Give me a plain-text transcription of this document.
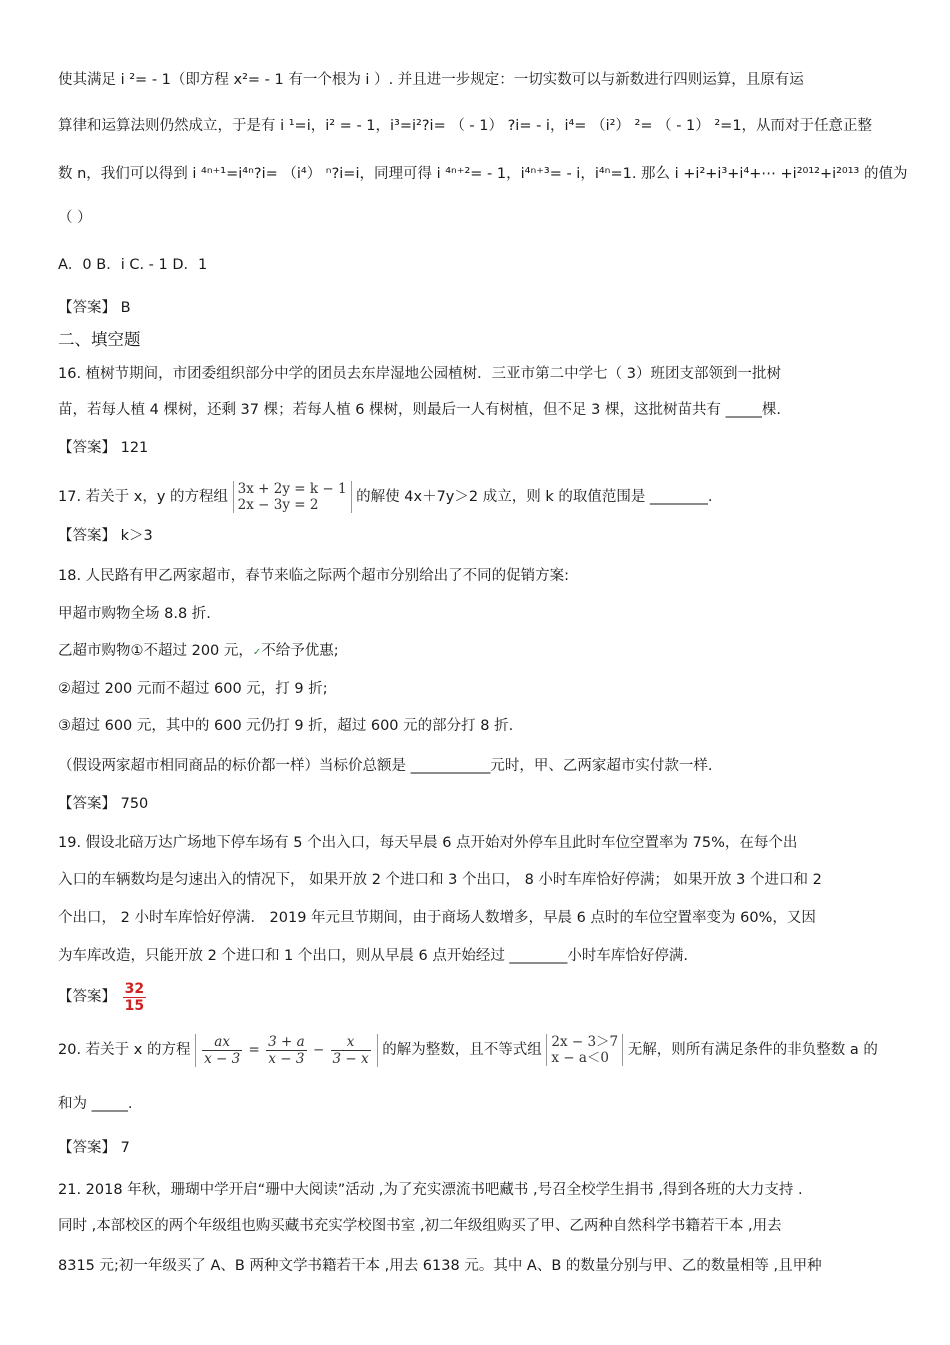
使其满足 i ²= - 1（即方程 x²= - 1 有一个根为 i ）. 并且进一步规定：一切实数可以与新数进行四则运算，且原有运
算律和运算法则仍然成立，于是有 i ¹=i，i² = - 1，i³=i²?i= （ - 1） ?i= - i，i⁴= （i²） ²= （ - 1） ²=1，从而对于任意正整
数 n，我们可以得到 i ⁴ⁿ⁺¹=i⁴ⁿ?i= （i⁴） ⁿ?i=i，同理可得 i ⁴ⁿ⁺²= - 1，i⁴ⁿ⁺³= - i，i⁴ⁿ=1. 那么 i +i²+i³+i⁴+⋯ +i²⁰¹²+i²⁰¹³ 的值为
（ ）
A．0 B．i C. - 1 D．1
【答案】 B
二、填空题
16. 植树节期间，市团委组织部分中学的团员去东岸湿地公园植树．三亚市第二中学七（ 3）班团支部领到一批树
苗，若每人植 4 棵树，还剩 37 棵；若每人植 6 棵树，则最后一人有树植，但不足 3 棵，这批树苗共有 _____棵.
【答案】 121
17. 若关于 x，y 的方程组 3x + 2y = k − 1
2x − 3y = 2	的解使 4x＋7y＞2 成立，则 k 的取值范围是 ________.
【答案】 k＞3
18. 人民路有甲乙两家超市，春节来临之际两个超市分别给出了不同的促销方案:
甲超市购物全场 8.8 折.
乙超市购物①不超过 200 元，✓不给予优惠;
②超过 200 元而不超过 600 元，打 9 折;
③超过 600 元，其中的 600 元仍打 9 折，超过 600 元的部分打 8 折.
（假设两家超市相同商品的标价都一样）当标价总额是 ___________元时，甲、乙两家超市实付款一样.
【答案】 750
19. 假设北碚万达广场地下停车场有 5 个出入口，每天早晨 6 点开始对外停车且此时车位空置率为 75%，在每个出
入口的车辆数均是匀速出入的情况下， 如果开放 2 个进口和 3 个出口， 8 小时车库恰好停满； 如果开放 3 个进口和 2
个出口， 2 小时车库恰好停满． 2019 年元旦节期间，由于商场人数增多，早晨 6 点时的车位空置率变为 60%，又因
为车库改造，只能开放 2 个进口和 1 个出口，则从早晨 6 点开始经过 ________小时车库恰好停满.
【答案】 $\frac{32}{15}$
20. 若关于 x 的方程 $\frac{ax}{x - 3} = \frac{3 + a}{x - 3} - \frac{x}{3 - x}$ 的解为整数，且不等式组 2x − 3＞7
x − a＜0	无解，则所有满足条件的非负整数 a 的
和为 _____.
【答案】 7
21. 2018 年秋，珊瑚中学开启“珊中大阅读”活动 ,为了充实漂流书吧藏书 ,号召全校学生捐书 ,得到各班的大力支持 .
同时 ,本部校区的两个年级组也购买藏书充实学校图书室 ,初二年级组购买了甲、乙两种自然科学书籍若干本 ,用去
8315 元;初一年级买了 A、B 两种文学书籍若干本 ,用去 6138 元。其中 A、B 的数量分别与甲、乙的数量相等 ,且甲种
